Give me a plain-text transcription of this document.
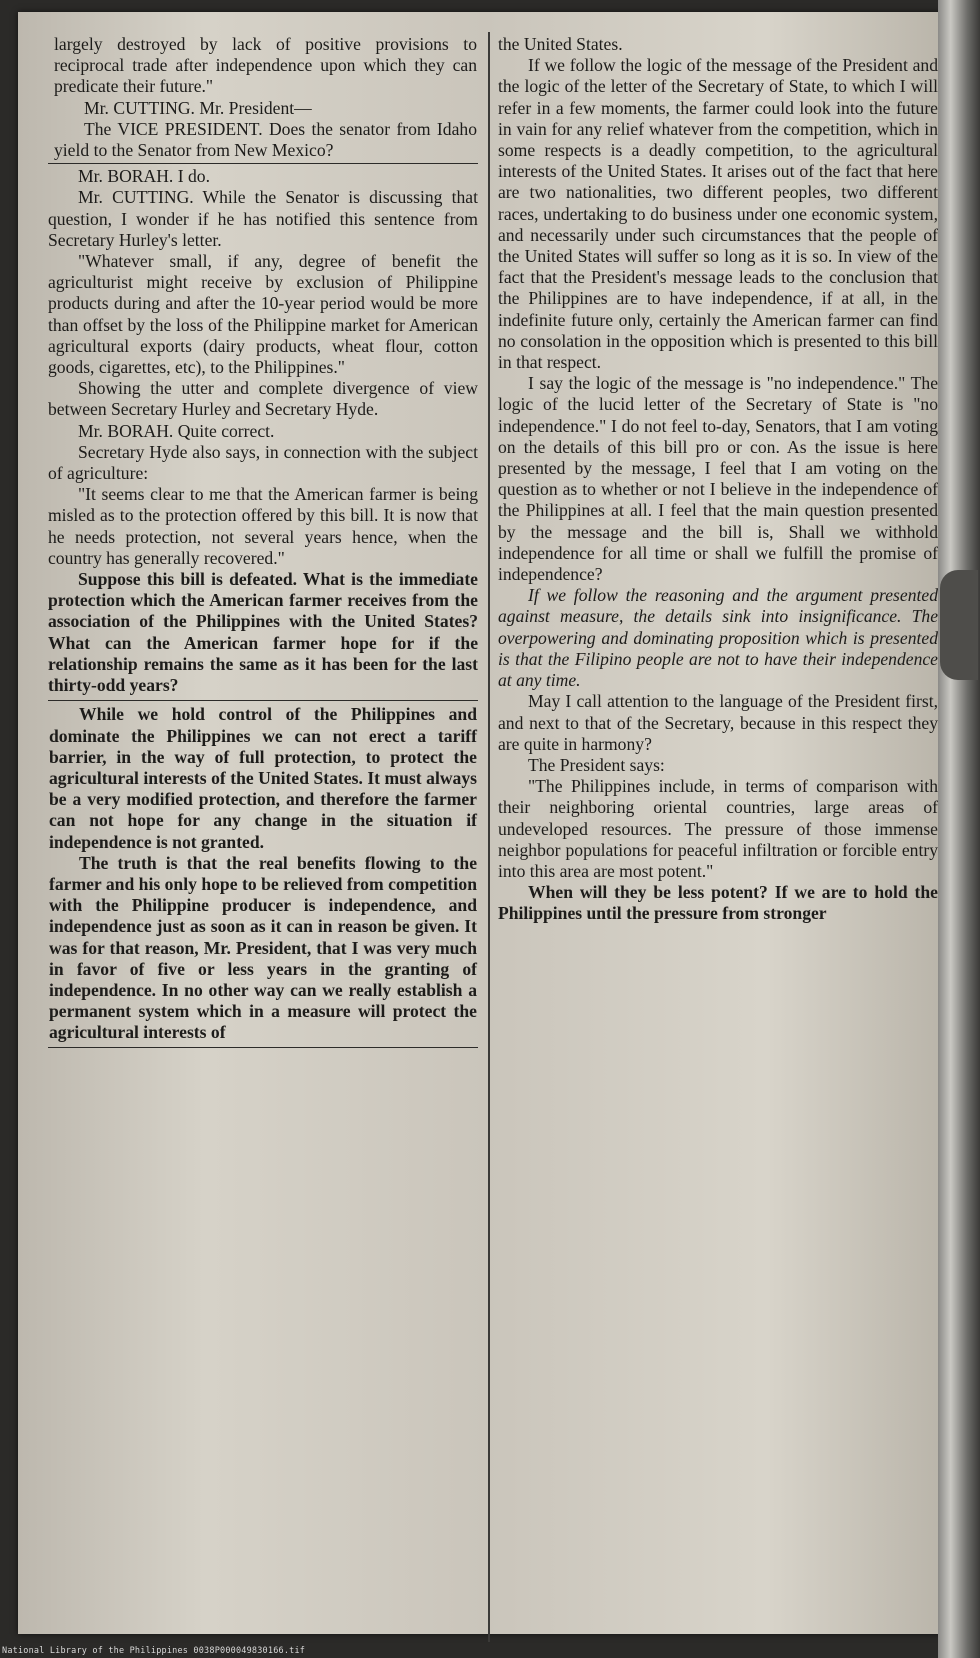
largely destroyed by lack of positive provisions to reciprocal trade after independence upon which they can predicate their future."

Mr. CUTTING. Mr. President—

The VICE PRESIDENT. Does the senator from Idaho yield to the Senator from New Mexico?

Mr. BORAH. I do.

Mr. CUTTING. While the Senator is discussing that question, I wonder if he has notified this sentence from Secretary Hurley's letter.

"Whatever small, if any, degree of benefit the agriculturist might receive by exclusion of Philippine products during and after the 10-year period would be more than offset by the loss of the Philippine market for American agricultural exports (dairy products, wheat flour, cotton goods, cigarettes, etc), to the Philippines."

Showing the utter and complete divergence of view between Secretary Hurley and Secretary Hyde.

Mr. BORAH. Quite correct.

Secretary Hyde also says, in connection with the subject of agriculture:

"It seems clear to me that the American farmer is being misled as to the protection offered by this bill. It is now that he needs protection, not several years hence, when the country has generally recovered."

Suppose this bill is defeated. What is the immediate protection which the American farmer receives from the association of the Philippines with the United States? What can the American farmer hope for if the relationship remains the same as it has been for the last thirty-odd years?

While we hold control of the Philippines and dominate the Philippines we can not erect a tariff barrier, in the way of full protection, to protect the agricultural interests of the United States. It must always be a very modified protection, and therefore the farmer can not hope for any change in the situation if independence is not granted.

The truth is that the real benefits flowing to the farmer and his only hope to be relieved from competition with the Philippine producer is independence, and independence just as soon as it can in reason be given. It was for that reason, Mr. President, that I was very much in favor of five or less years in the granting of independence. In no other way can we really establish a permanent system which in a measure will protect the agricultural interests of

the United States.

If we follow the logic of the message of the President and the logic of the letter of the Secretary of State, to which I will refer in a few moments, the farmer could look into the future in vain for any relief whatever from the competition, which in some respects is a deadly competition, to the agricultural interests of the United States. It arises out of the fact that here are two nationalities, two different peoples, two different races, undertaking to do business under one economic system, and necessarily under such circumstances that the people of the United States will suffer so long as it is so. In view of the fact that the President's message leads to the conclusion that the Philippines are to have independence, if at all, in the indefinite future only, certainly the American farmer can find no consolation in the opposition which is presented to this bill in that respect.

I say the logic of the message is "no independence." The logic of the lucid letter of the Secretary of State is "no independence." I do not feel to-day, Senators, that I am voting on the details of this bill pro or con. As the issue is here presented by the message, I feel that I am voting on the question as to whether or not I believe in the independence of the Philippines at all. I feel that the main question presented by the message and the bill is, Shall we withhold independence for all time or shall we fulfill the promise of independence?

If we follow the reasoning and the argument presented against measure, the details sink into insignificance. The overpowering and dominating proposition which is presented is that the Filipino people are not to have their independence at any time.

May I call attention to the language of the President first, and next to that of the Secretary, because in this respect they are quite in harmony?

The President says:

"The Philippines include, in terms of comparison with their neighboring oriental countries, large areas of undeveloped resources. The pressure of those immense neighbor populations for peaceful infiltration or forcible entry into this area are most potent."

When will they be less potent? If we are to hold the Philippines until the pressure from stronger

National Library of the Philippines 0038P000049830166.tif
